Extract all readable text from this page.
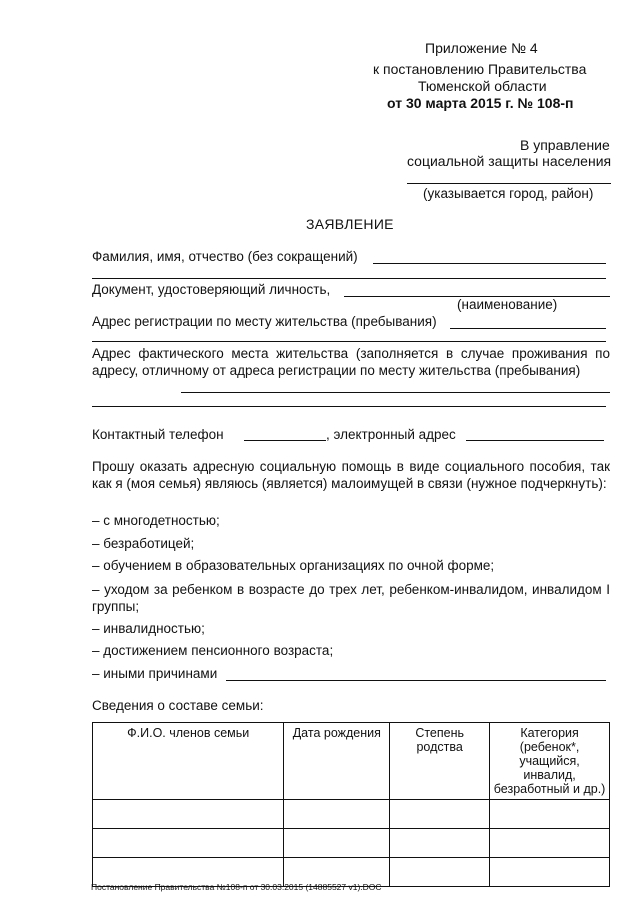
Приложение № 4
к постановлению Правительства
Тюменской области
от 30 марта 2015 г. № 108-п
В управление
социальной защиты населения
(указывается город, район)
ЗАЯВЛЕНИЕ
Фамилия, имя, отчество (без сокращений)
Документ, удостоверяющий личность,
(наименование)
Адрес регистрации по месту жительства (пребывания)
Адрес фактического места жительства (заполняется в случае проживания по адресу, отличному от адреса регистрации по месту жительства (пребывания)
Контактный телефон	, электронный адрес
Прошу оказать адресную социальную помощь в виде социального пособия, так как я (моя семья) являюсь (является) малоимущей в связи (нужное подчеркнуть):
– с многодетностью;
– безработицей;
– обучением в образовательных организациях по очной форме;
– уходом за ребенком в возрасте до трех лет, ребенком-инвалидом, инвалидом I группы;
– инвалидностью;
– достижением пенсионного возраста;
– иными причинами
Сведения о составе семьи:
Ф.И.О. членов семьи	Дата рождения	Степень родства	Категория (ребенок*, учащийся, инвалид, безработный и др.)

Постановление Правительства №108-п от 30.03.2015 (14885527 v1).DOC
